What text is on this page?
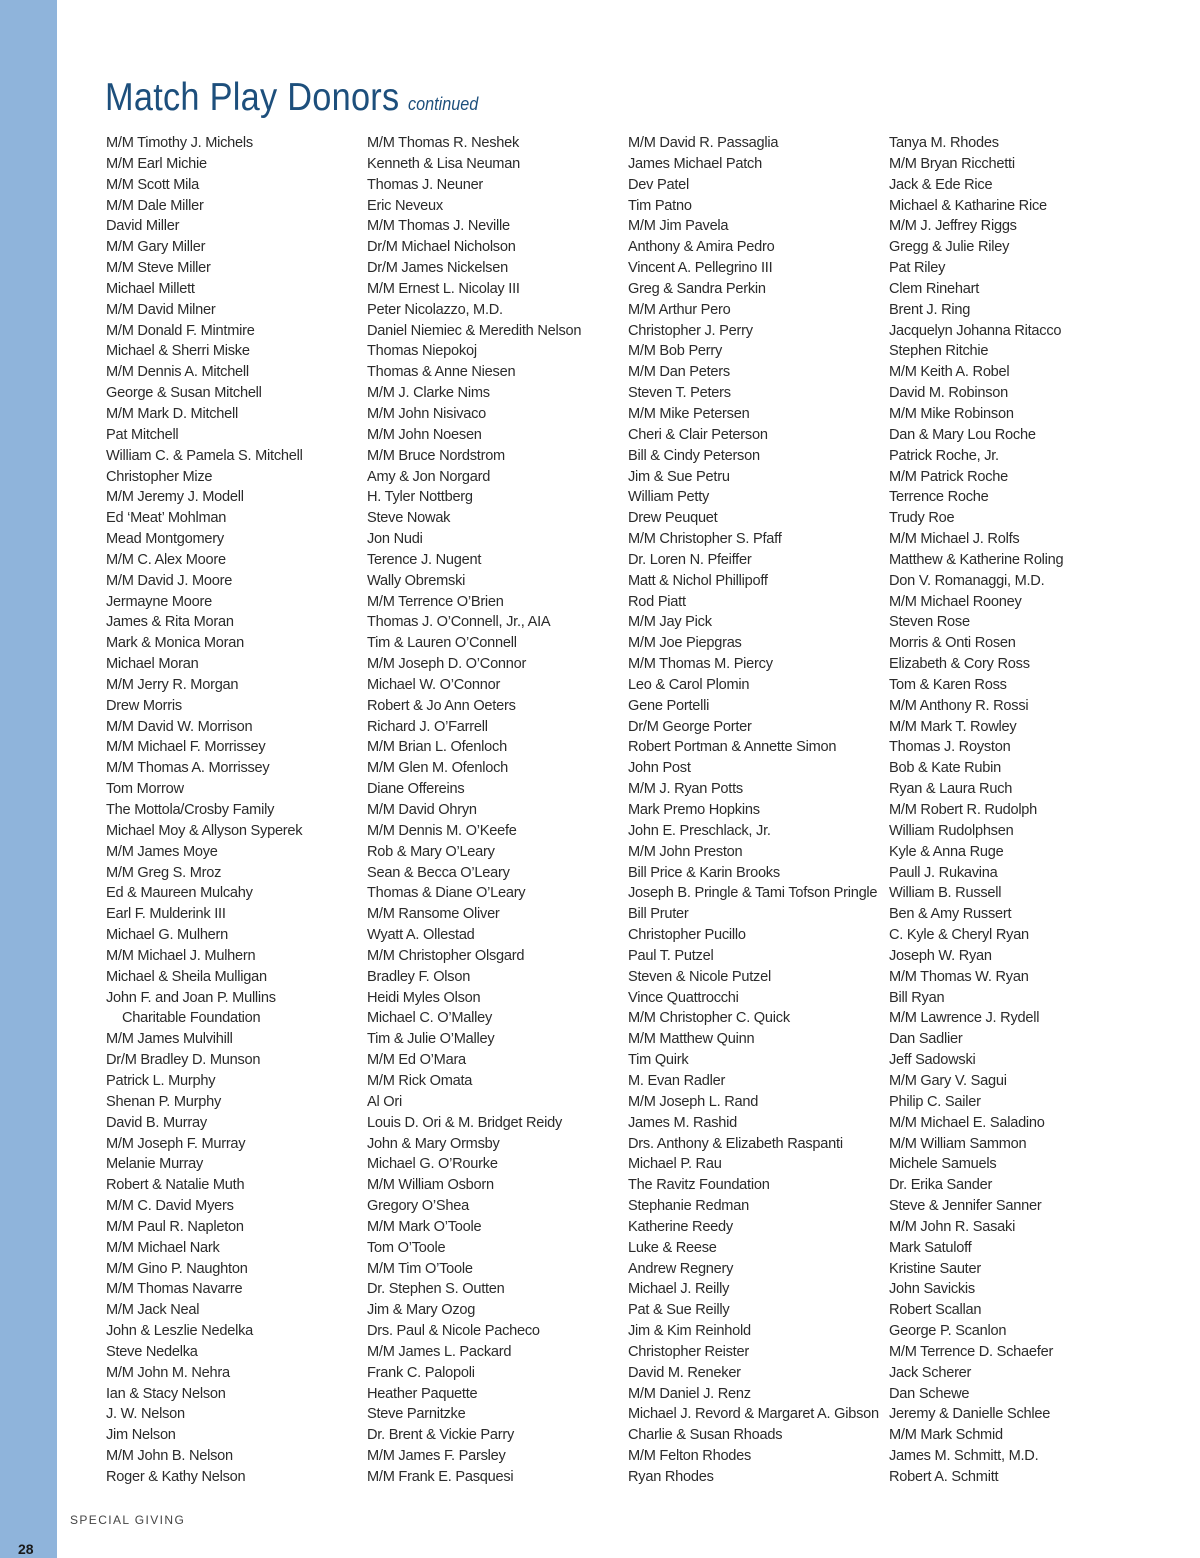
Match Play Donors continued
M/M Timothy J. Michels
M/M Earl Michie
M/M Scott Mila
M/M Dale Miller
David Miller
M/M Gary Miller
M/M Steve Miller
Michael Millett
M/M David Milner
M/M Donald F. Mintmire
Michael & Sherri Miske
M/M Dennis A. Mitchell
George & Susan Mitchell
M/M Mark D. Mitchell
Pat Mitchell
William C. & Pamela S. Mitchell
Christopher Mize
M/M Jeremy J. Modell
Ed ‘Meat’ Mohlman
Mead Montgomery
M/M C. Alex Moore
M/M David J. Moore
Jermayne Moore
James & Rita Moran
Mark & Monica Moran
Michael Moran
M/M Jerry R. Morgan
Drew Morris
M/M David W. Morrison
M/M Michael F. Morrissey
M/M Thomas A. Morrissey
Tom Morrow
The Mottola/Crosby Family
Michael Moy & Allyson Syperek
M/M James Moye
M/M Greg S. Mroz
Ed & Maureen Mulcahy
Earl F. Mulderink III
Michael G. Mulhern
M/M Michael J. Mulhern
Michael & Sheila Mulligan
John F. and Joan P. Mullins
Charitable Foundation
M/M James Mulvihill
Dr/M Bradley D. Munson
Patrick L. Murphy
Shenan P. Murphy
David B. Murray
M/M Joseph F. Murray
Melanie Murray
Robert & Natalie Muth
M/M C. David Myers
M/M Paul R. Napleton
M/M Michael Nark
M/M Gino P. Naughton
M/M Thomas Navarre
M/M Jack Neal
John & Leszlie Nedelka
Steve Nedelka
M/M John M. Nehra
Ian & Stacy Nelson
J. W. Nelson
Jim Nelson
M/M John B. Nelson
Roger & Kathy Nelson
M/M Thomas R. Neshek
Kenneth & Lisa Neuman
Thomas J. Neuner
Eric Neveux
M/M Thomas J. Neville
Dr/M Michael Nicholson
Dr/M James Nickelsen
M/M Ernest L. Nicolay III
Peter Nicolazzo, M.D.
Daniel Niemiec & Meredith Nelson
Thomas Niepokoj
Thomas & Anne Niesen
M/M J. Clarke Nims
M/M John Nisivaco
M/M John Noesen
M/M Bruce Nordstrom
Amy & Jon Norgard
H. Tyler Nottberg
Steve Nowak
Jon Nudi
Terence J. Nugent
Wally Obremski
M/M Terrence O’Brien
Thomas J. O’Connell, Jr., AIA
Tim & Lauren O’Connell
M/M Joseph D. O’Connor
Michael W. O’Connor
Robert & Jo Ann Oeters
Richard J. O’Farrell
M/M Brian L. Ofenloch
M/M Glen M. Ofenloch
Diane Offereins
M/M David Ohryn
M/M Dennis M. O’Keefe
Rob & Mary O’Leary
Sean & Becca O’Leary
Thomas & Diane O’Leary
M/M Ransome Oliver
Wyatt A. Ollestad
M/M Christopher Olsgard
Bradley F. Olson
Heidi Myles Olson
Michael C. O’Malley
Tim & Julie O’Malley
M/M Ed O’Mara
M/M Rick Omata
Al Ori
Louis D. Ori & M. Bridget Reidy
John & Mary Ormsby
Michael G. O’Rourke
M/M William Osborn
Gregory O’Shea
M/M Mark O’Toole
Tom O’Toole
M/M Tim O’Toole
Dr. Stephen S. Outten
Jim & Mary Ozog
Drs. Paul & Nicole Pacheco
M/M James L. Packard
Frank C. Palopoli
Heather Paquette
Steve Parnitzke
Dr. Brent & Vickie Parry
M/M James F. Parsley
M/M Frank E. Pasquesi
M/M David R. Passaglia
James Michael Patch
Dev Patel
Tim Patno
M/M Jim Pavela
Anthony & Amira Pedro
Vincent A. Pellegrino III
Greg & Sandra Perkin
M/M Arthur Pero
Christopher J. Perry
M/M Bob Perry
M/M Dan Peters
Steven T. Peters
M/M Mike Petersen
Cheri & Clair Peterson
Bill & Cindy Peterson
Jim & Sue Petru
William Petty
Drew Peuquet
M/M Christopher S. Pfaff
Dr. Loren N. Pfeiffer
Matt & Nichol Phillipoff
Rod Piatt
M/M Jay Pick
M/M Joe Piepgras
M/M Thomas M. Piercy
Leo & Carol Plomin
Gene Portelli
Dr/M George Porter
Robert Portman & Annette Simon
John Post
M/M J. Ryan Potts
Mark Premo Hopkins
John E. Preschlack, Jr.
M/M John Preston
Bill Price & Karin Brooks
Joseph B. Pringle & Tami Tofson Pringle
Bill Pruter
Christopher Pucillo
Paul T. Putzel
Steven & Nicole Putzel
Vince Quattrocchi
M/M Christopher C. Quick
M/M Matthew Quinn
Tim Quirk
M. Evan Radler
M/M Joseph L. Rand
James M. Rashid
Drs. Anthony & Elizabeth Raspanti
Michael P. Rau
The Ravitz Foundation
Stephanie Redman
Katherine Reedy
Luke & Reese
Andrew Regnery
Michael J. Reilly
Pat & Sue Reilly
Jim & Kim Reinhold
Christopher Reister
David M. Reneker
M/M Daniel J. Renz
Michael J. Revord & Margaret A. Gibson
Charlie & Susan Rhoads
M/M Felton Rhodes
Ryan Rhodes
Tanya M. Rhodes
M/M Bryan Ricchetti
Jack & Ede Rice
Michael & Katharine Rice
M/M J. Jeffrey Riggs
Gregg & Julie Riley
Pat Riley
Clem Rinehart
Brent J. Ring
Jacquelyn Johanna Ritacco
Stephen Ritchie
M/M Keith A. Robel
David M. Robinson
M/M Mike Robinson
Dan & Mary Lou Roche
Patrick Roche, Jr.
M/M Patrick Roche
Terrence Roche
Trudy Roe
M/M Michael J. Rolfs
Matthew & Katherine Roling
Don V. Romanaggi, M.D.
M/M Michael Rooney
Steven Rose
Morris & Onti Rosen
Elizabeth & Cory Ross
Tom & Karen Ross
M/M Anthony R. Rossi
M/M Mark T. Rowley
Thomas J. Royston
Bob & Kate Rubin
Ryan & Laura Ruch
M/M Robert R. Rudolph
William Rudolphsen
Kyle & Anna Ruge
Paull J. Rukavina
William B. Russell
Ben & Amy Russert
C. Kyle & Cheryl Ryan
Joseph W. Ryan
M/M Thomas W. Ryan
Bill Ryan
M/M Lawrence J. Rydell
Dan Sadlier
Jeff Sadowski
M/M Gary V. Sagui
Philip C. Sailer
M/M Michael E. Saladino
M/M William Sammon
Michele Samuels
Dr. Erika Sander
Steve & Jennifer Sanner
M/M John R. Sasaki
Mark Satuloff
Kristine Sauter
John Savickis
Robert Scallan
George P. Scanlon
M/M Terrence D. Schaefer
Jack Scherer
Dan Schewe
Jeremy & Danielle Schlee
M/M Mark Schmid
James M. Schmitt, M.D.
Robert A. Schmitt
28
SPECIAL GIVING
